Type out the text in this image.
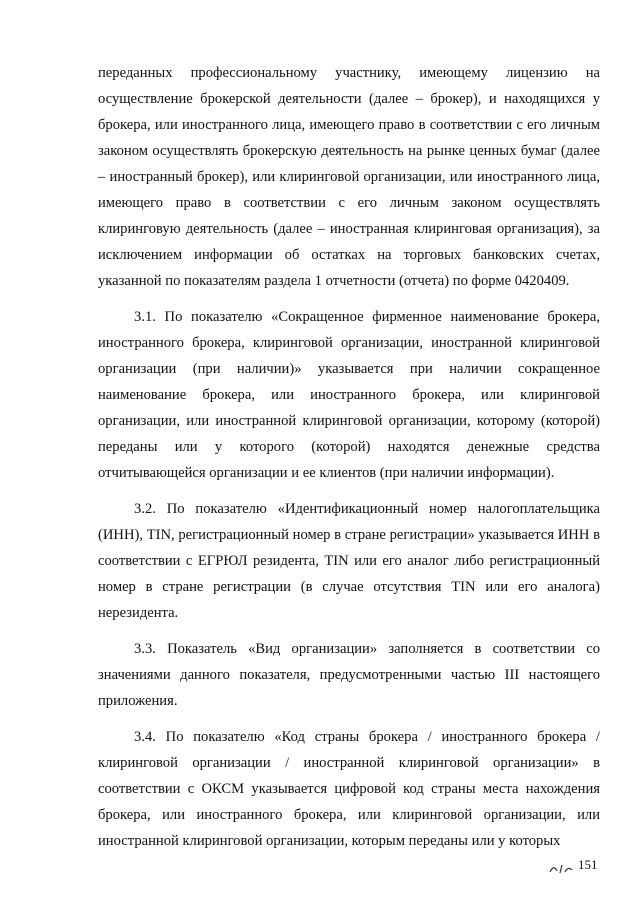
переданных профессиональному участнику, имеющему лицензию на осуществление брокерской деятельности (далее – брокер), и находящихся у брокера, или иностранного лица, имеющего право в соответствии с его личным законом осуществлять брокерскую деятельность на рынке ценных бумаг (далее – иностранный брокер), или клиринговой организации, или иностранного лица, имеющего право в соответствии с его личным законом осуществлять клиринговую деятельность (далее – иностранная клиринговая организация), за исключением информации об остатках на торговых банковских счетах, указанной по показателям раздела 1 отчетности (отчета) по форме 0420409.

3.1. По показателю «Сокращенное фирменное наименование брокера, иностранного брокера, клиринговой организации, иностранной клиринговой организации (при наличии)» указывается при наличии сокращенное наименование брокера, или иностранного брокера, или клиринговой организации, или иностранной клиринговой организации, которому (которой) переданы или у которого (которой) находятся денежные средства отчитывающейся организации и ее клиентов (при наличии информации).

3.2. По показателю «Идентификационный номер налогоплательщика (ИНН), TIN, регистрационный номер в стране регистрации» указывается ИНН в соответствии с ЕГРЮЛ резидента, TIN или его аналог либо регистрационный номер в стране регистрации (в случае отсутствия TIN или его аналога) нерезидента.

3.3. Показатель «Вид организации» заполняется в соответствии со значениями данного показателя, предусмотренными частью III настоящего приложения.

3.4. По показателю «Код страны брокера / иностранного брокера / клиринговой организации / иностранной клиринговой организации» в соответствии с ОКСМ указывается цифровой код страны места нахождения брокера, или иностранного брокера, или клиринговой организации, или иностранной клиринговой организации, которым переданы или у которых

151
